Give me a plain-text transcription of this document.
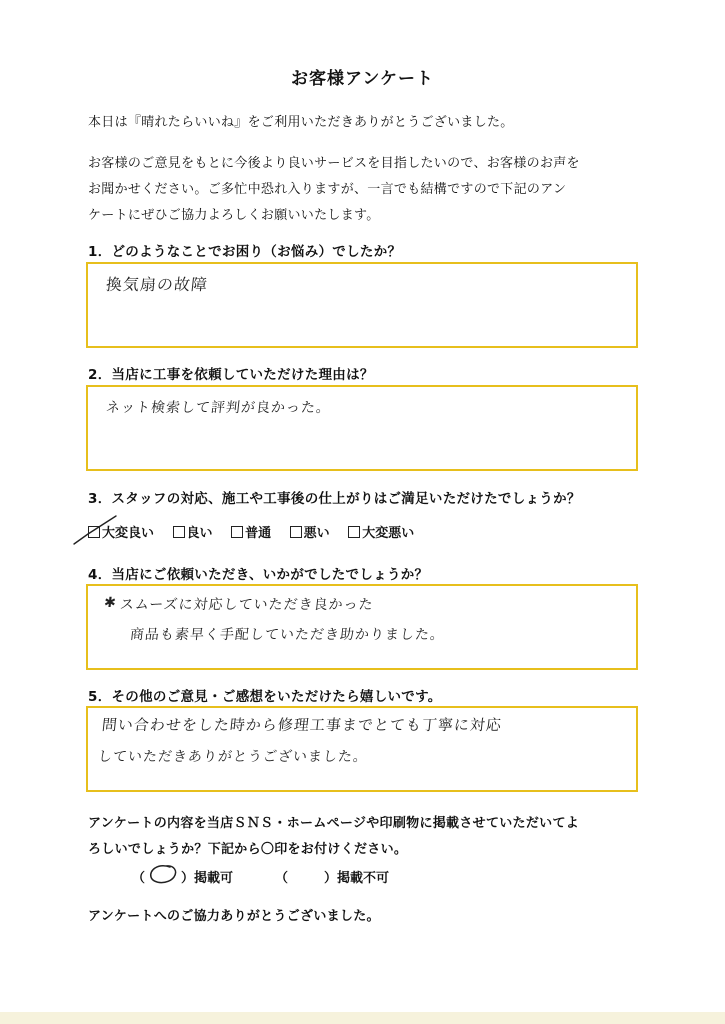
お客様アンケート
本日は『晴れたらいいね』をご利用いただきありがとうございました。
お客様のご意見をもとに今後より良いサービスを目指したいので、お客様のお声を
お聞かせください。ご多忙中恐れ入りますが、一言でも結構ですので下記のアン
ケートにぜひご協力よろしくお願いいたします。
1．どのようなことでお困り（お悩み）でしたか？
換気扇の故障
2．当店に工事を依頼していただけた理由は？
ネット検索して評判が良かった。
3．スタッフの対応、施工や工事後の仕上がりはご満足いただけたでしょうか？
大変良い	良い	普通	悪い	大変悪い
4．当店にご依頼いただき、いかがでしたでしょうか？
✱ スムーズに対応していただき良かった
商品も素早く手配していただき助かりました。
5．その他のご意見・ご感想をいただけたら嬉しいです。
問い合わせをした時から修理工事までとても丁寧に対応
していただきありがとうございました。
アンケートの内容を当店ＳＮＳ・ホームページや印刷物に掲載させていただいてよ
ろしいでしょうか？下記から〇印をお付けください。
（	）掲載可	（	）掲載不可
アンケートへのご協力ありがとうございました。
